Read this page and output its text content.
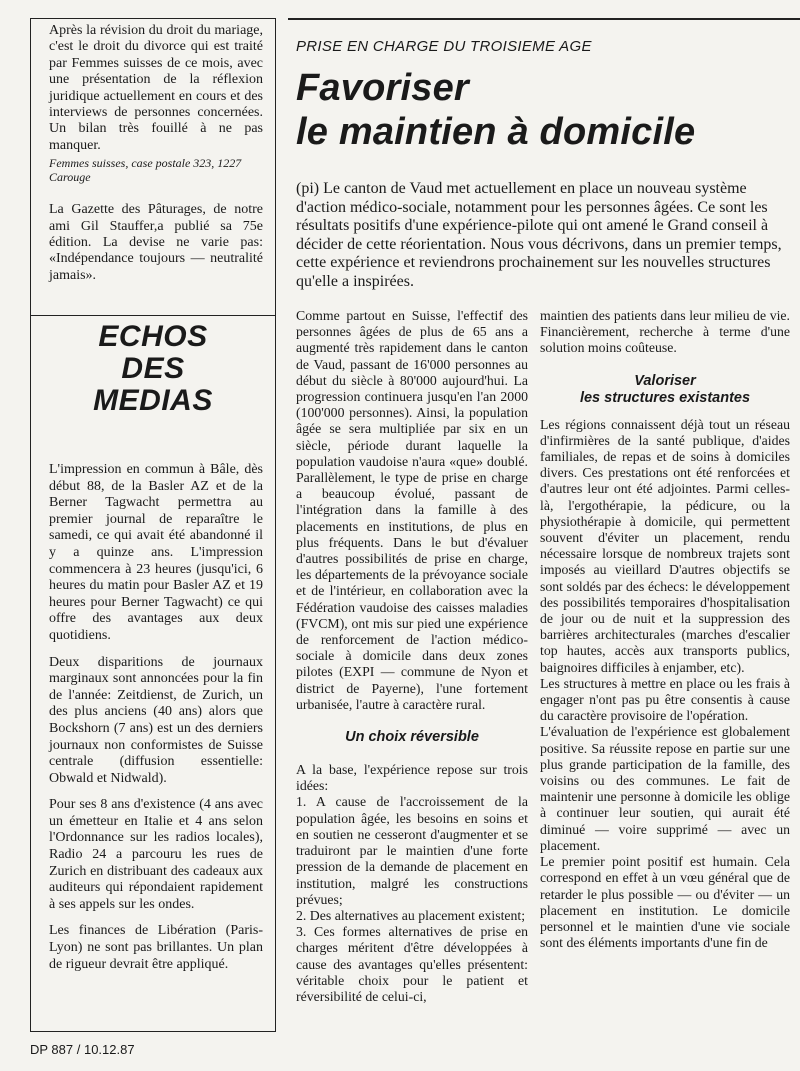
Après la révision du droit du mariage, c'est le droit du divorce qui est traité par Femmes suisses de ce mois, avec une présentation de la réflexion juridique actuellement en cours et des interviews de personnes concernées. Un bilan très fouillé à ne pas manquer.

Femmes suisses, case postale 323, 1227 Carouge

La Gazette des Pâturages, de notre ami Gil Stauffer,a publié sa 75e édition. La devise ne varie pas: «Indépendance toujours — neutralité jamais».

ECHOS
DES
MEDIAS

L'impression en commun à Bâle, dès début 88, de la Basler AZ et de la Berner Tagwacht permettra au premier journal de reparaître le samedi, ce qui avait été abandonné il y a quinze ans. L'impression commencera à 23 heures (jusqu'ici, 6 heures du matin pour Basler AZ et 19 heures pour Berner Tagwacht) ce qui offre des avantages aux deux quotidiens.

Deux disparitions de journaux marginaux sont annoncées pour la fin de l'année: Zeitdienst, de Zurich, un des plus anciens (40 ans) alors que Bockshorn (7 ans) est un des derniers journaux non conformistes de Suisse centrale (diffusion essentielle: Obwald et Nidwald).

Pour ses 8 ans d'existence (4 ans avec un émetteur en Italie et 4 ans selon l'Ordonnance sur les radios locales), Radio 24 a parcouru les rues de Zurich en distribuant des cadeaux aux auditeurs qui répondaient rapidement à ses appels sur les ondes.

Les finances de Libération (Paris-Lyon) ne sont pas brillantes. Un plan de rigueur devrait être appliqué.

PRISE EN CHARGE DU TROISIEME AGE
Favoriser
le maintien à domicile

(pi) Le canton de Vaud met actuellement en place un nouveau système d'action médico-sociale, notamment pour les personnes âgées. Ce sont les résultats positifs d'une expérience-pilote qui ont amené le Grand conseil à décider de cette réorientation. Nous vous décrivons, dans un premier temps, cette expérience et reviendrons prochainement sur les nouvelles structures qu'elle a inspirées.

Comme partout en Suisse, l'effectif des personnes âgées de plus de 65 ans a augmenté très rapidement dans le canton de Vaud, passant de 16'000 personnes au début du siècle à 80'000 aujourd'hui. La progression continuera jusqu'en l'an 2000 (100'000 personnes). Ainsi, la population âgée se sera multipliée par six en un siècle, période durant laquelle la population vaudoise n'aura «que» doublé. Parallèlement, le type de prise en charge a beaucoup évolué, passant de l'intégration dans la famille à des placements en institutions, de plus en plus fréquents. Dans le but d'évaluer d'autres possibilités de prise en charge, les départements de la prévoyance sociale et de l'intérieur, en collaboration avec la Fédération vaudoise des caisses maladies (FVCM), ont mis sur pied une expérience de renforcement de l'action médico-sociale à domicile dans deux zones pilotes (EXPI — commune de Nyon et district de Payerne), l'une fortement urbanisée, l'autre à caractère rural.

Un choix réversible

A la base, l'expérience repose sur trois idées:

1. A cause de l'accroissement de la population âgée, les besoins en soins et en soutien ne cesseront d'augmenter et se traduiront par le maintien d'une forte pression de la demande de placement en institution, malgré les constructions prévues;

2. Des alternatives au placement existent;

3. Ces formes alternatives de prise en charges méritent d'être développées à cause des avantages qu'elles présentent: véritable choix pour le patient et réversibilité de celui-ci,

maintien des patients dans leur milieu de vie. Financièrement, recherche à terme d'une solution moins coûteuse.

Valoriser
les structures existantes

Les régions connaissent déjà tout un réseau d'infirmières de la santé publique, d'aides familiales, de repas et de soins à domiciles divers. Ces prestations ont été renforcées et d'autres leur ont été adjointes. Parmi celles-là, l'ergothérapie, la pédicure, ou la physiothérapie à domicile, qui permettent souvent d'éviter un placement, rendu nécessaire lorsque de nombreux trajets sont imposés au vieillard D'autres objectifs se sont soldés par des échecs: le développement des possibilités temporaires d'hospitalisation de jour ou de nuit et la suppression des barrières architecturales (marches d'escalier top hautes, accès aux transports publics, baignoires difficiles à enjamber, etc).

Les structures à mettre en place ou les frais à engager n'ont pas pu être consentis à cause du caractère provisoire de l'opération.

L'évaluation de l'expérience est globalement positive. Sa réussite repose en partie sur une plus grande participation de la famille, des voisins ou des communes. Le fait de maintenir une personne à domicile les oblige à continuer leur soutien, qui aurait été diminué — voire supprimé — avec un placement.

Le premier point positif est humain. Cela correspond en effet à un vœu général que de retarder le plus possible — ou d'éviter — un placement en institution. Le domicile personnel et le maintien d'une vie sociale sont des éléments importants d'une fin de

DP 887 / 10.12.87
